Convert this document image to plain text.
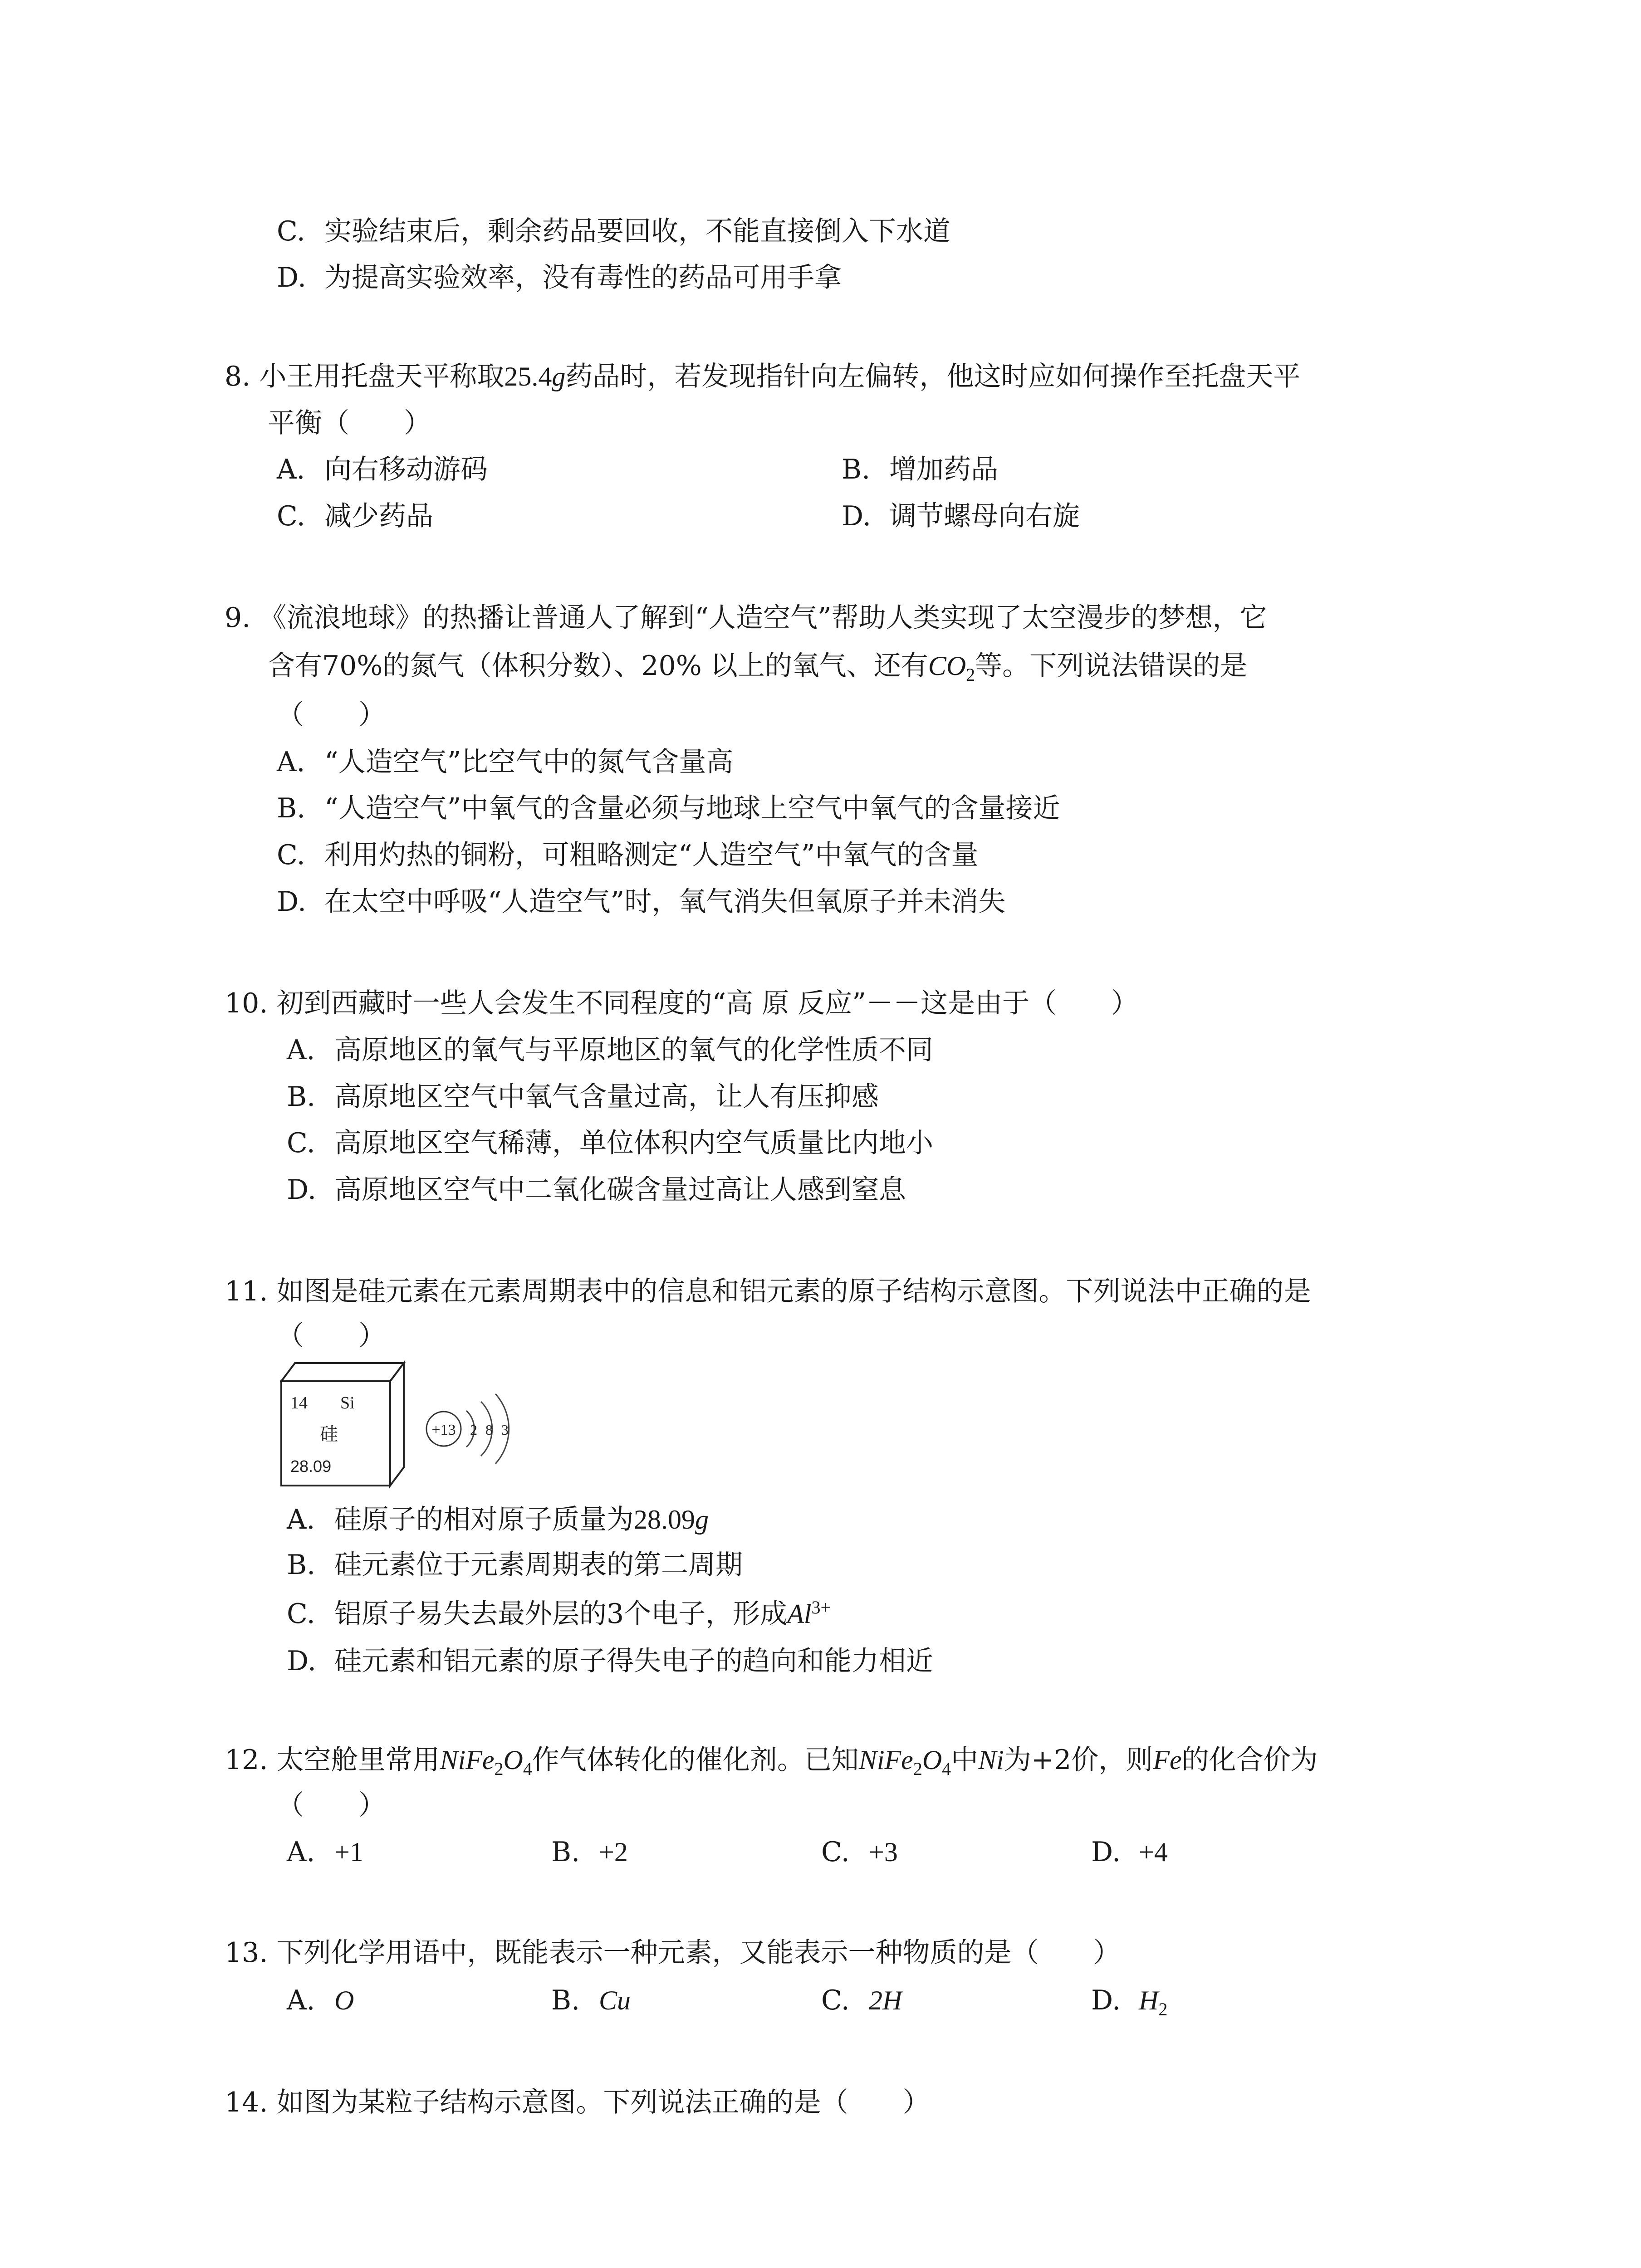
C. 实验结束后，剩余药品要回收，不能直接倒入下水道
D. 为提高实验效率，没有毒性的药品可用手拿
8. 小王用托盘天平称取25.4g药品时，若发现指针向左偏转，他这时应如何操作至托盘天平
平衡（　　）
A. 向右移动游码	B. 增加药品
C. 减少药品	D. 调节螺母向右旋
9. 《流浪地球》的热播让普通人了解到“人造空气”帮助人类实现了太空漫步的梦想，它
含有70%的氮气（体积分数）、20% 以上的氧气、还有$CO_2$等。下列说法错误的是
（　　）
A. “人造空气”比空气中的氮气含量高
B. “人造空气”中氧气的含量必须与地球上空气中氧气的含量接近
C. 利用灼热的铜粉，可粗略测定“人造空气”中氧气的含量
D. 在太空中呼吸“人造空气”时，氧气消失但氧原子并未消失
10. 初到西藏时一些人会发生不同程度的“高 原 反应”－－这是由于（　　）
A. 高原地区的氧气与平原地区的氧气的化学性质不同
B. 高原地区空气中氧气含量过高，让人有压抑感
C. 高原地区空气稀薄，单位体积内空气质量比内地小
D. 高原地区空气中二氧化碳含量过高让人感到窒息
11. 如图是硅元素在元素周期表中的信息和铝元素的原子结构示意图。下列说法中正确的是
（　　）
14 Si
硅
28.09
+13 2 8 3
A. 硅原子的相对原子质量为28.09g
B. 硅元素位于元素周期表的第二周期
C. 铝原子易失去最外层的3个电子，形成$Al^{3+}$
D. 硅元素和铝元素的原子得失电子的趋向和能力相近
12. 太空舱里常用$NiFe_2O_4$作气体转化的催化剂。已知$NiFe_2O_4$中Ni为+2价，则Fe的化合价为
（　　）
A. +1	B. +2	C. +3	D. +4
13. 下列化学用语中，既能表示一种元素，又能表示一种物质的是（　　）
A. O	B. Cu	C. 2H	D. $H_2$
14. 如图为某粒子结构示意图。下列说法正确的是（　　）
